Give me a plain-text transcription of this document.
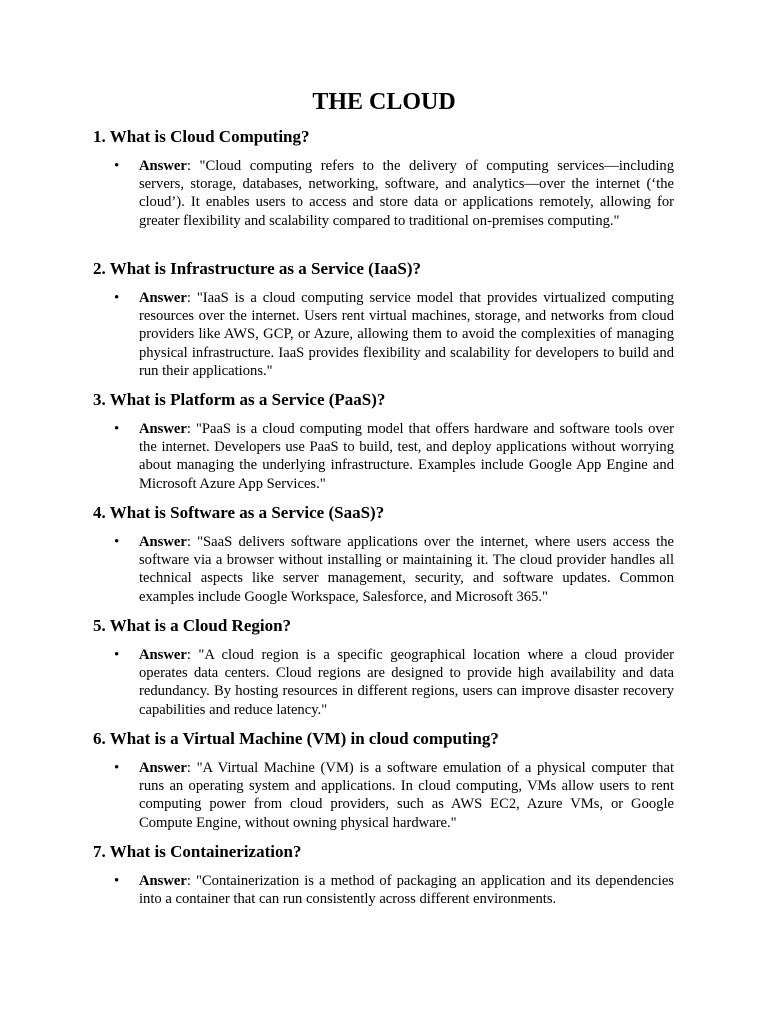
THE CLOUD
1. What is Cloud Computing?
• Answer: "Cloud computing refers to the delivery of computing services—including servers, storage, databases, networking, software, and analytics—over the internet (‘the cloud’). It enables users to access and store data or applications remotely, allowing for greater flexibility and scalability compared to traditional on-premises computing."

2. What is Infrastructure as a Service (IaaS)?
• Answer: "IaaS is a cloud computing service model that provides virtualized computing resources over the internet. Users rent virtual machines, storage, and networks from cloud providers like AWS, GCP, or Azure, allowing them to avoid the complexities of managing physical infrastructure. IaaS provides flexibility and scalability for developers to build and run their applications."

3. What is Platform as a Service (PaaS)?
• Answer: "PaaS is a cloud computing model that offers hardware and software tools over the internet. Developers use PaaS to build, test, and deploy applications without worrying about managing the underlying infrastructure. Examples include Google App Engine and Microsoft Azure App Services."

4. What is Software as a Service (SaaS)?
• Answer: "SaaS delivers software applications over the internet, where users access the software via a browser without installing or maintaining it. The cloud provider handles all technical aspects like server management, security, and software updates. Common examples include Google Workspace, Salesforce, and Microsoft 365."

5. What is a Cloud Region?
• Answer: "A cloud region is a specific geographical location where a cloud provider operates data centers. Cloud regions are designed to provide high availability and data redundancy. By hosting resources in different regions, users can improve disaster recovery capabilities and reduce latency."

6. What is a Virtual Machine (VM) in cloud computing?
• Answer: "A Virtual Machine (VM) is a software emulation of a physical computer that runs an operating system and applications. In cloud computing, VMs allow users to rent computing power from cloud providers, such as AWS EC2, Azure VMs, or Google Compute Engine, without owning physical hardware."

7. What is Containerization?
• Answer: "Containerization is a method of packaging an application and its dependencies into a container that can run consistently across different environments.
